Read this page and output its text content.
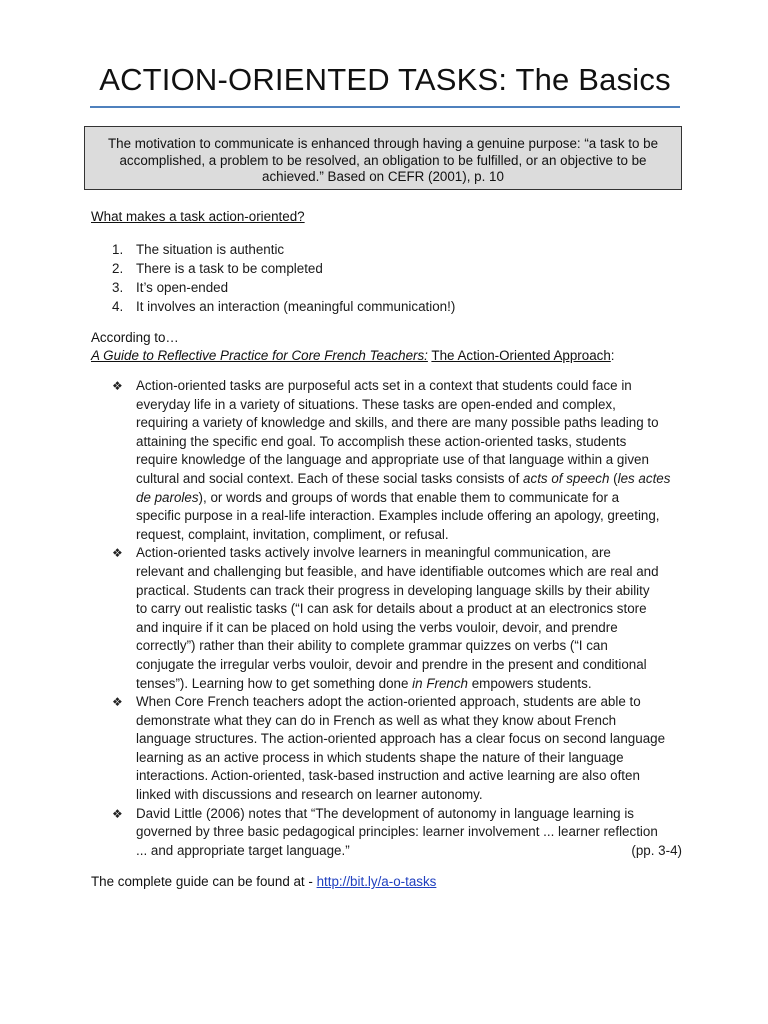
ACTION-ORIENTED TASKS: The Basics
The motivation to communicate is enhanced through having a genuine purpose: “a task to be
accomplished, a problem to be resolved, an obligation to be fulfilled, or an objective to be
achieved.” Based on CEFR (2001), p. 10
What makes a task action-oriented?
1. The situation is authentic
2. There is a task to be completed
3. It’s open-ended
4. It involves an interaction (meaningful communication!)
According to…
A Guide to Reflective Practice for Core French Teachers: The Action-Oriented Approach:
❖ Action-oriented tasks are purposeful acts set in a context that students could face in
everyday life in a variety of situations. These tasks are open-ended and complex,
requiring a variety of knowledge and skills, and there are many possible paths leading to
attaining the specific end goal. To accomplish these action-oriented tasks, students
require knowledge of the language and appropriate use of that language within a given
cultural and social context. Each of these social tasks consists of acts of speech (les actes
de paroles), or words and groups of words that enable them to communicate for a
specific purpose in a real-life interaction. Examples include offering an apology, greeting,
request, complaint, invitation, compliment, or refusal.
❖ Action-oriented tasks actively involve learners in meaningful communication, are
relevant and challenging but feasible, and have identifiable outcomes which are real and
practical. Students can track their progress in developing language skills by their ability
to carry out realistic tasks (“I can ask for details about a product at an electronics store
and inquire if it can be placed on hold using the verbs vouloir, devoir, and prendre
correctly”) rather than their ability to complete grammar quizzes on verbs (“I can
conjugate the irregular verbs vouloir, devoir and prendre in the present and conditional
tenses”). Learning how to get something done in French empowers students.
❖ When Core French teachers adopt the action-oriented approach, students are able to
demonstrate what they can do in French as well as what they know about French
language structures. The action-oriented approach has a clear focus on second language
learning as an active process in which students shape the nature of their language
interactions. Action-oriented, task-based instruction and active learning are also often
linked with discussions and research on learner autonomy.
❖ David Little (2006) notes that “The development of autonomy in language learning is
governed by three basic pedagogical principles: learner involvement ... learner reflection
... and appropriate target language.”	(pp. 3-4)
The complete guide can be found at - http://bit.ly/a-o-tasks
